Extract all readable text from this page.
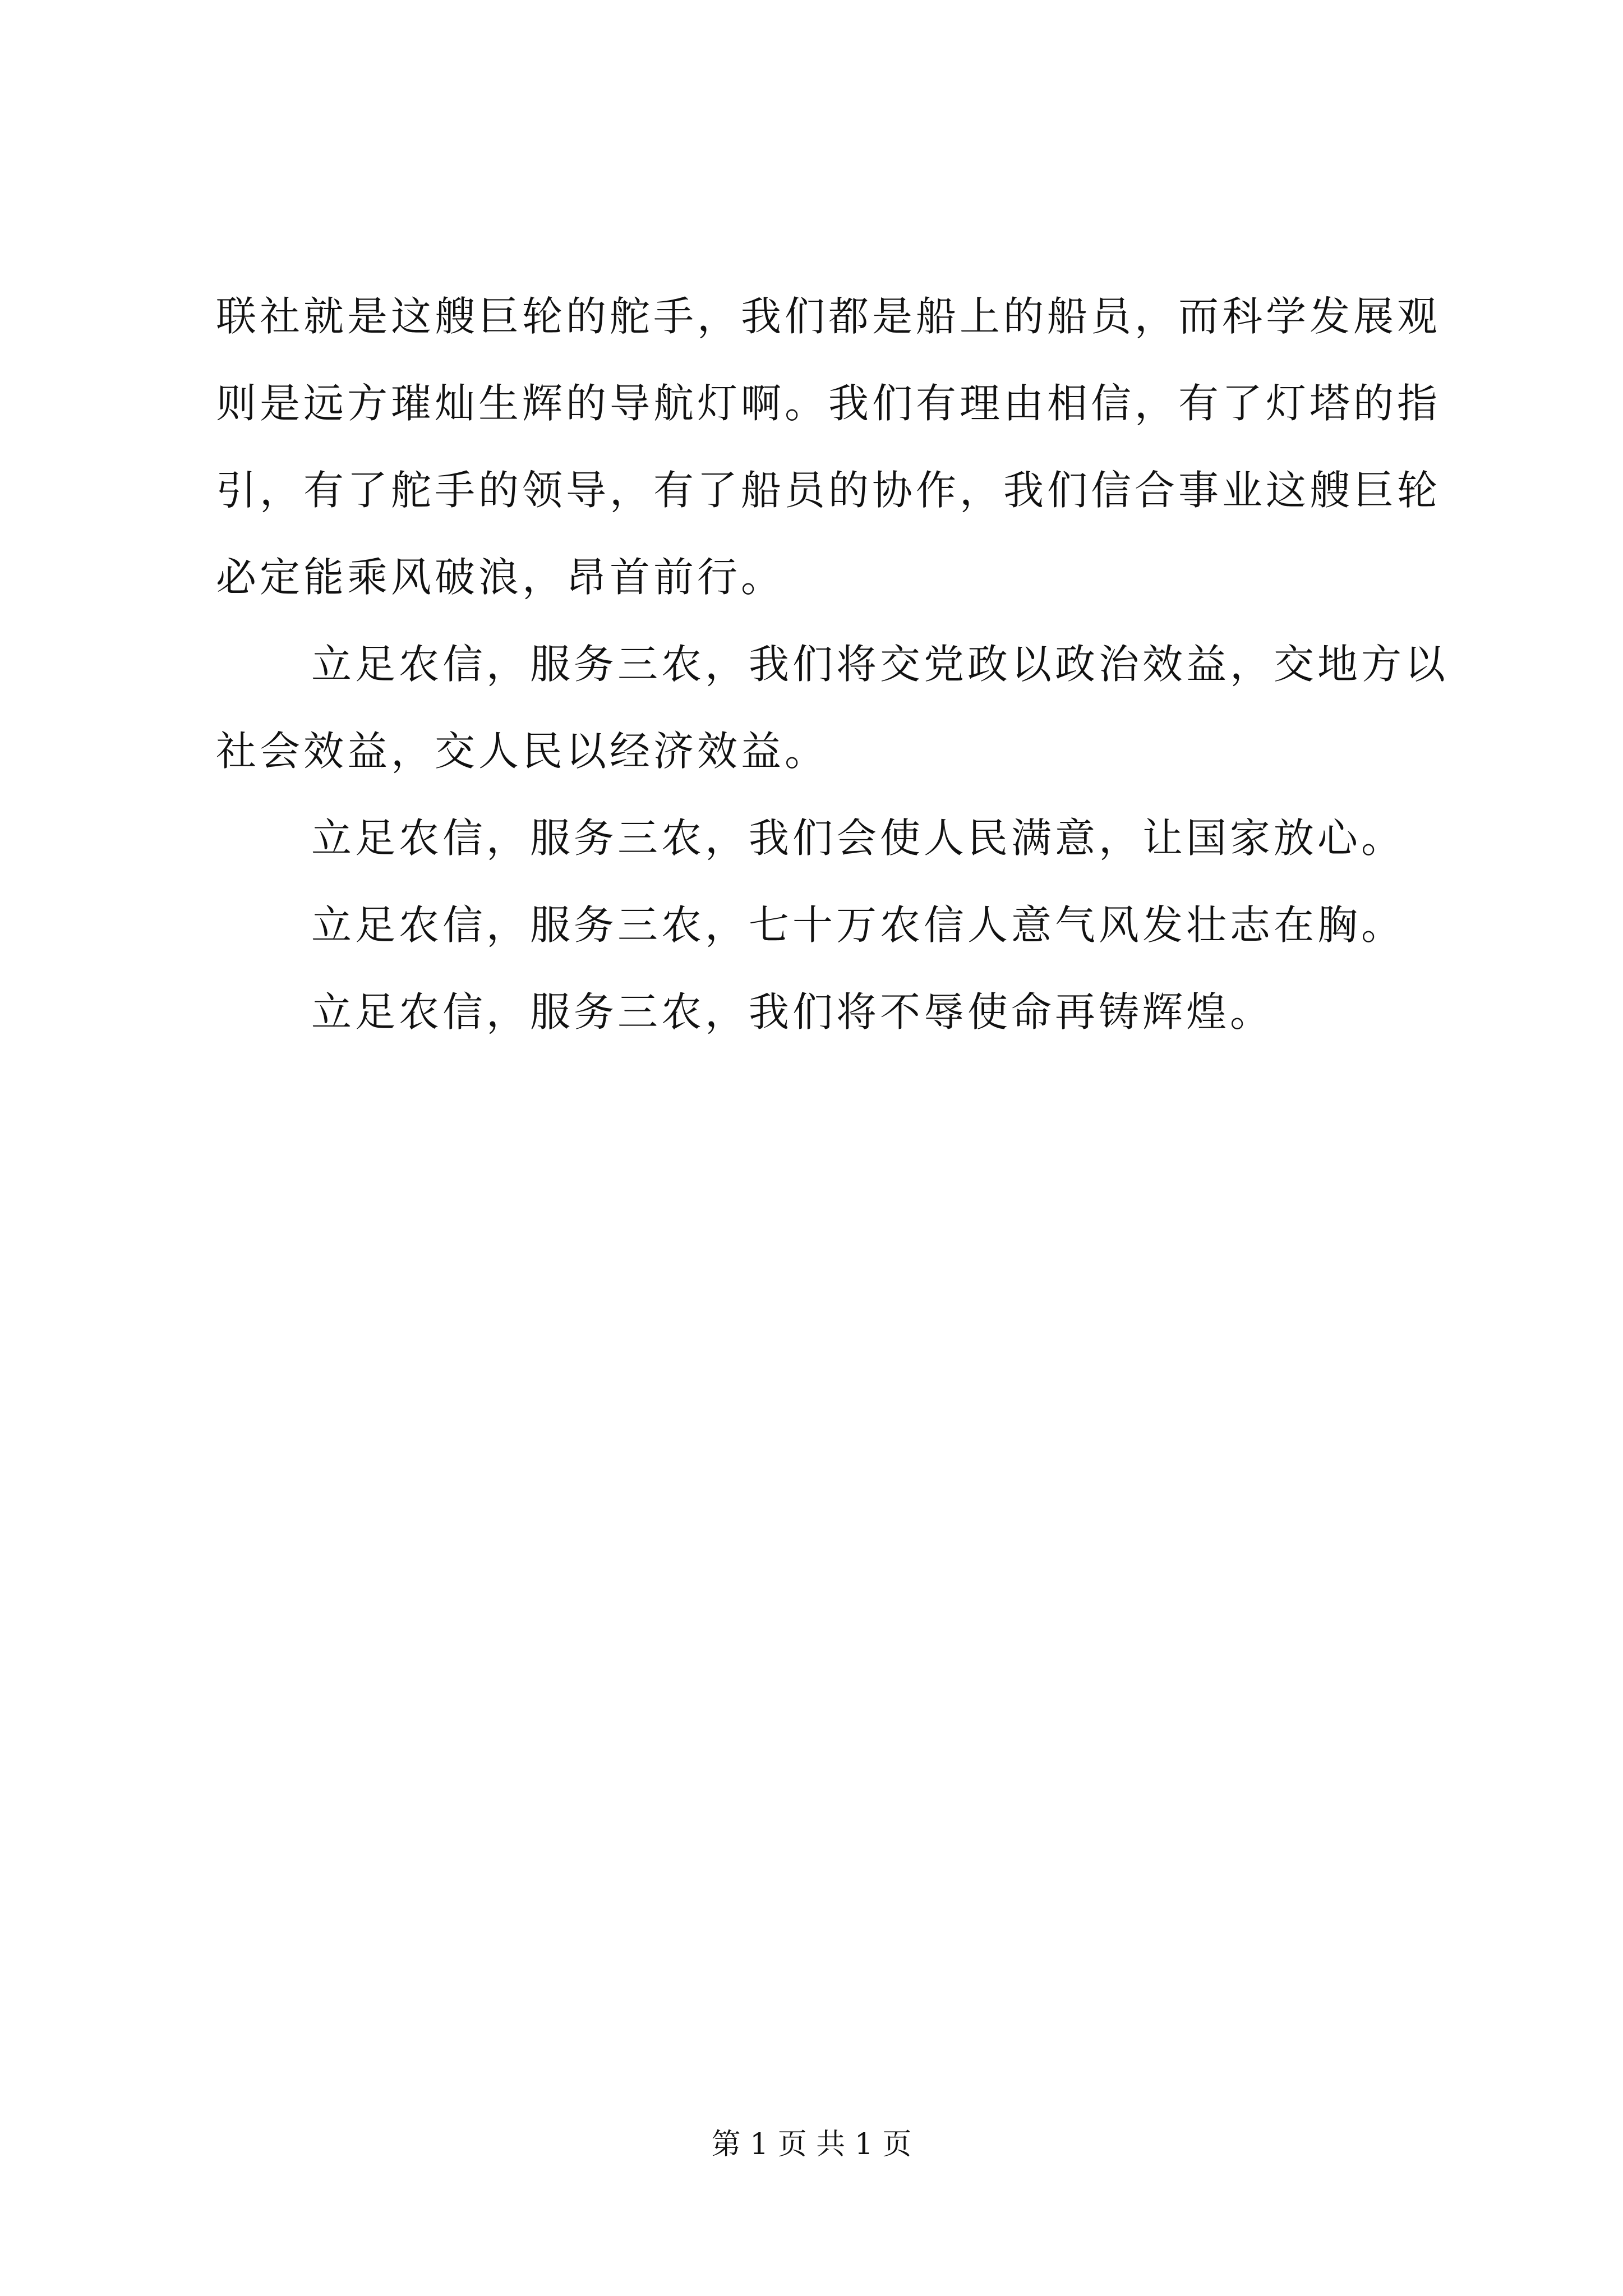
联社就是这艘巨轮的舵手，我们都是船上的船员，而科学发展观
则是远方璀灿生辉的导航灯啊。我们有理由相信，有了灯塔的指
引，有了舵手的领导，有了船员的协作，我们信合事业这艘巨轮
必定能乘风破浪，昂首前行。
立足农信，服务三农，我们将交党政以政治效益，交地方以
社会效益，交人民以经济效益。
立足农信，服务三农，我们会使人民满意，让国家放心。
立足农信，服务三农，七十万农信人意气风发壮志在胸。
立足农信，服务三农，我们将不辱使命再铸辉煌。
第 1 页 共 1 页
